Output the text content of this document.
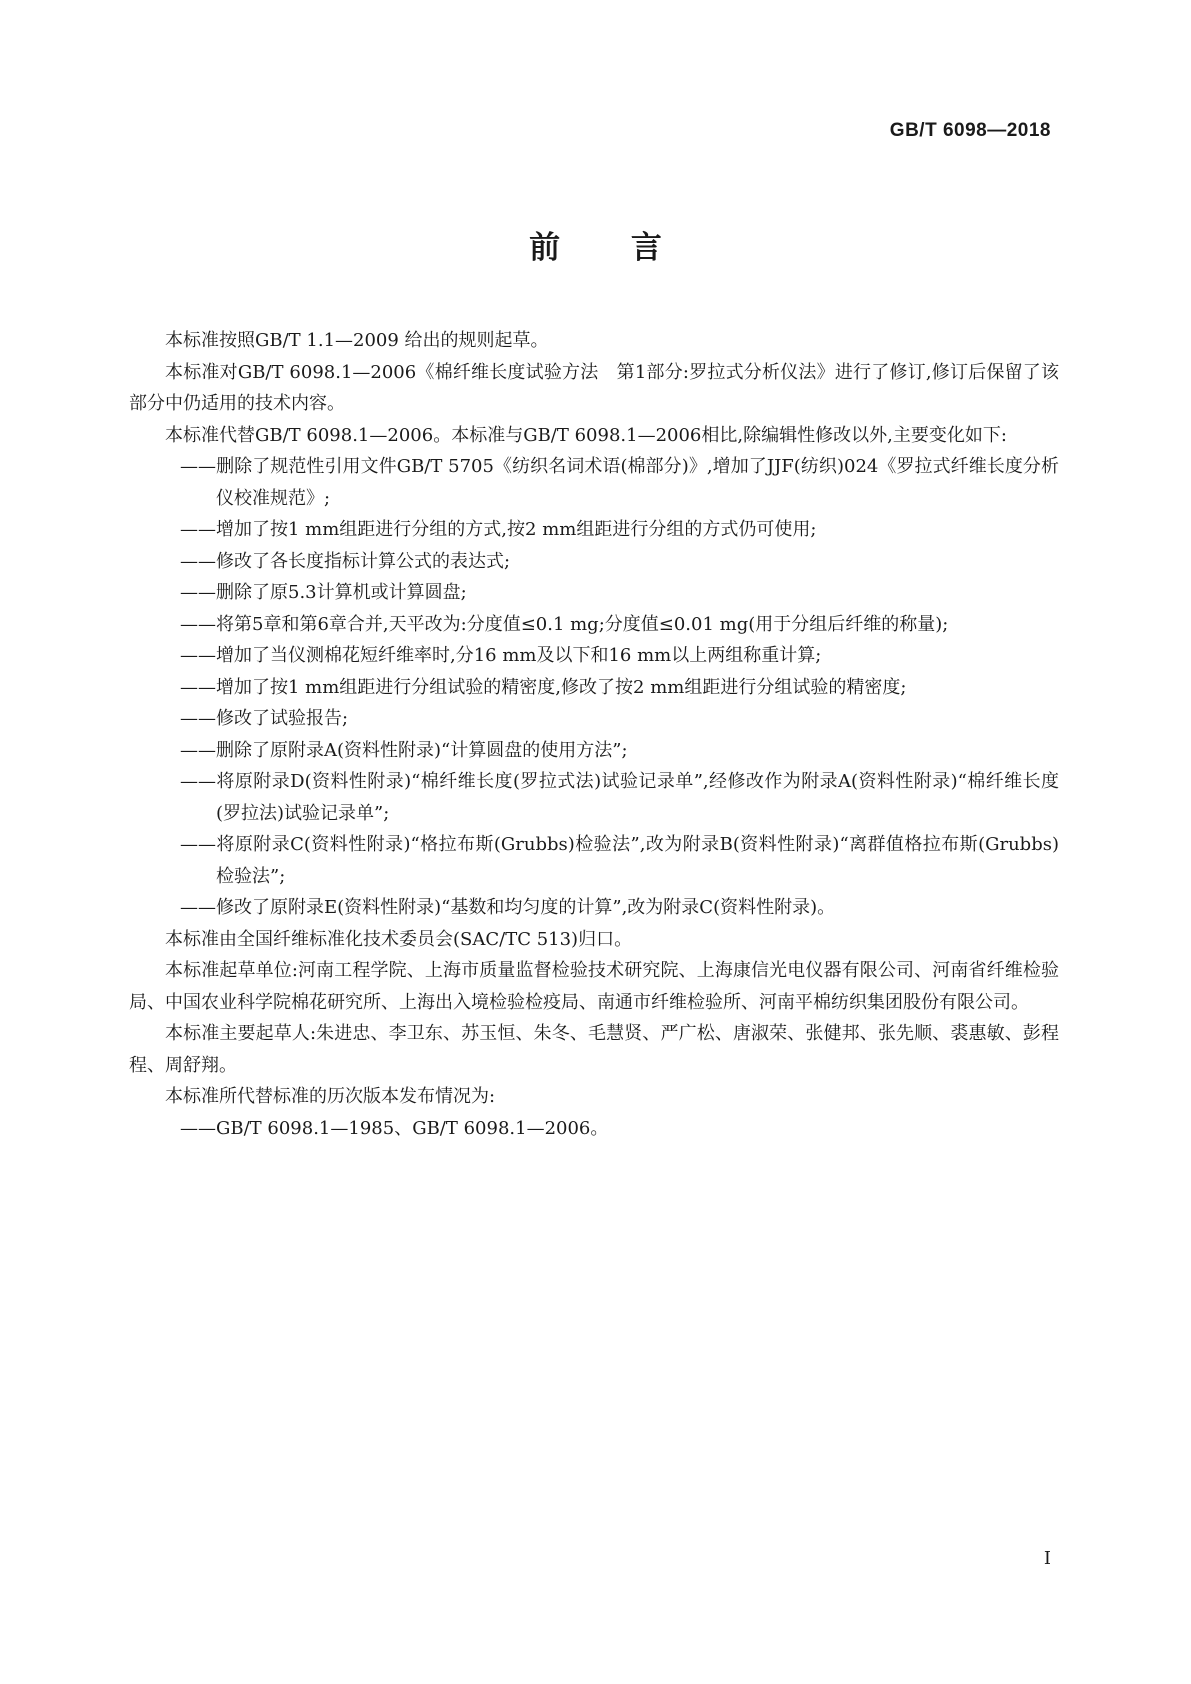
GB/T 6098—2018
前 言

本标准按照GB/T 1.1—2009 给出的规则起草。

本标准对GB/T 6098.1—2006《棉纤维长度试验方法　第1部分:罗拉式分析仪法》进行了修订,修订后保留了该部分中仍适用的技术内容。

本标准代替GB/T 6098.1—2006。本标准与GB/T 6098.1—2006相比,除编辑性修改以外,主要变化如下:

——删除了规范性引用文件GB/T 5705《纺织名词术语(棉部分)》,增加了JJF(纺织)024《罗拉式纤维长度分析仪校准规范》;

——增加了按1 mm组距进行分组的方式,按2 mm组距进行分组的方式仍可使用;

——修改了各长度指标计算公式的表达式;

——删除了原5.3计算机或计算圆盘;

——将第5章和第6章合并,天平改为:分度值≤0.1 mg;分度值≤0.01 mg(用于分组后纤维的称量);

——增加了当仪测棉花短纤维率时,分16 mm及以下和16 mm以上两组称重计算;

——增加了按1 mm组距进行分组试验的精密度,修改了按2 mm组距进行分组试验的精密度;

——修改了试验报告;

——删除了原附录A(资料性附录)“计算圆盘的使用方法”;

——将原附录D(资料性附录)“棉纤维长度(罗拉式法)试验记录单”,经修改作为附录A(资料性附录)“棉纤维长度(罗拉法)试验记录单”;

——将原附录C(资料性附录)“格拉布斯(Grubbs)检验法”,改为附录B(资料性附录)“离群值格拉布斯(Grubbs)检验法”;

——修改了原附录E(资料性附录)“基数和均匀度的计算”,改为附录C(资料性附录)。

本标准由全国纤维标准化技术委员会(SAC/TC 513)归口。

本标准起草单位:河南工程学院、上海市质量监督检验技术研究院、上海康信光电仪器有限公司、河南省纤维检验局、中国农业科学院棉花研究所、上海出入境检验检疫局、南通市纤维检验所、河南平棉纺织集团股份有限公司。

本标准主要起草人:朱进忠、李卫东、苏玉恒、朱冬、毛慧贤、严广松、唐淑荣、张健邦、张先顺、裘惠敏、彭程程、周舒翔。

本标准所代替标准的历次版本发布情况为:

——GB/T 6098.1—1985、GB/T 6098.1—2006。

I
